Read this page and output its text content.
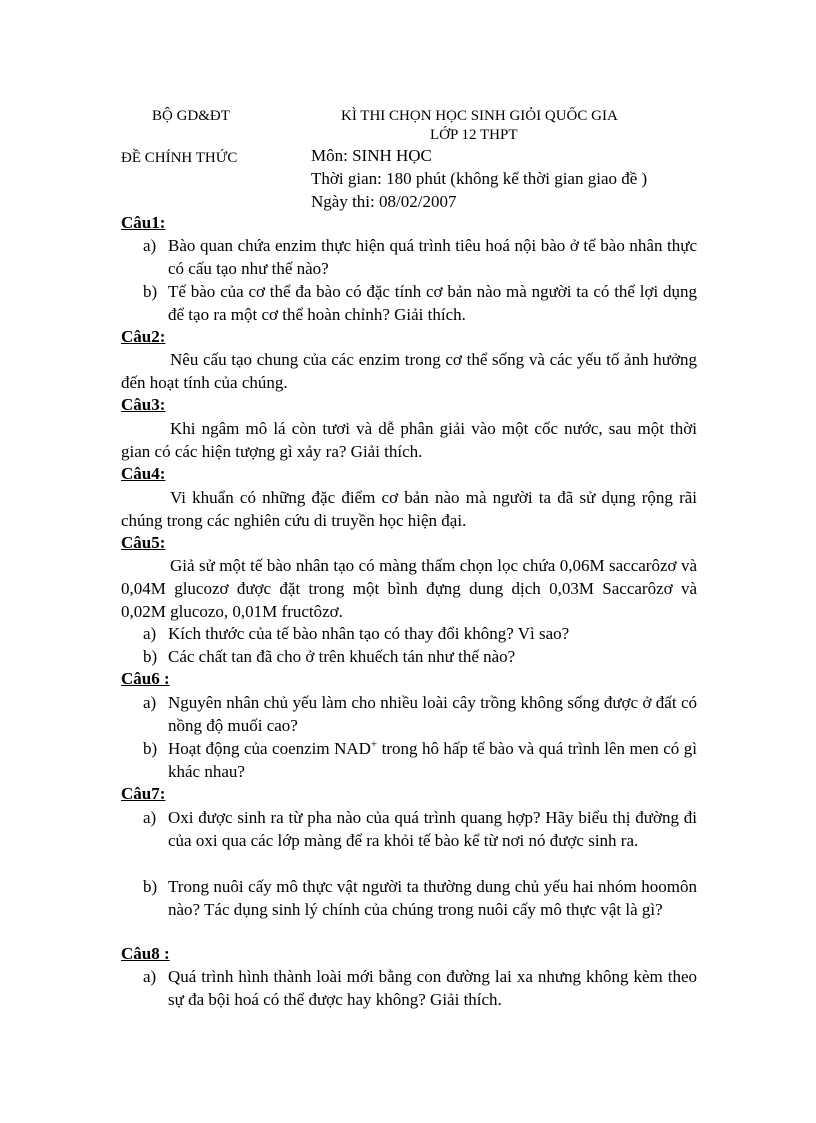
BỘ GD&ĐT	KÌ THI CHỌN HỌC SINH GIỎI QUỐC GIA
LỚP 12 THPT
ĐỀ CHÍNH THỨC	Môn: SINH HỌC
Thời gian: 180 phút (không kể thời gian giao đề )
Ngày thi: 08/02/2007
Câu1:
a) Bào quan chứa enzim thực hiện quá trình tiêu hoá nội bào ở tế bào nhân thực có cấu tạo như thế nào?
b) Tế bào của cơ thể đa bào có đặc tính cơ bản nào mà người ta có thể lợi dụng để tạo ra một cơ thể hoàn chỉnh? Giải thích.
Câu2:
Nêu cấu tạo chung của các enzim trong cơ thể sống và các yếu tố ảnh hưởng đến hoạt tính của chúng.
Câu3:
Khi ngâm mô lá còn tươi và dễ phân giải vào một cốc nước, sau một thời gian có các hiện tượng gì xảy ra? Giải thích.
Câu4:
Vi khuẩn có những đặc điểm cơ bản nào mà người ta đã sử dụng rộng rãi chúng trong các nghiên cứu di truyền học hiện đại.
Câu5:
Giả sử một tế bào nhân tạo có màng thấm chọn lọc chứa 0,06M saccarôzơ và 0,04M glucozơ được đặt trong một bình đựng dung dịch 0,03M Saccarôzơ và 0,02M glucozo, 0,01M fructôzơ.
a) Kích thước của tế bào nhân tạo có thay đổi không? Vì sao?
b) Các chất tan đã cho ở trên khuếch tán như thế nào?
Câu6 :
a) Nguyên nhân chủ yếu làm cho nhiều loài cây trồng không sống được ở đất có nồng độ muối cao?
b) Hoạt động của coenzim NAD+ trong hô hấp tế bào và quá trình lên men có gì khác nhau?
Câu7:
a) Oxi được sinh ra từ pha nào của quá trình quang hợp? Hãy biểu thị đường đi của oxi qua các lớp màng để ra khỏi tế bào kể từ nơi nó được sinh ra.
b) Trong nuôi cấy mô thực vật người ta thường dung chủ yếu hai nhóm hoomôn nào? Tác dụng sinh lý chính của chúng trong nuôi cấy mô thực vật là gì?
Câu8 :
a) Quá trình hình thành loài mới bằng con đường lai xa nhưng không kèm theo sự đa bội hoá có thể được hay không? Giải thích.
